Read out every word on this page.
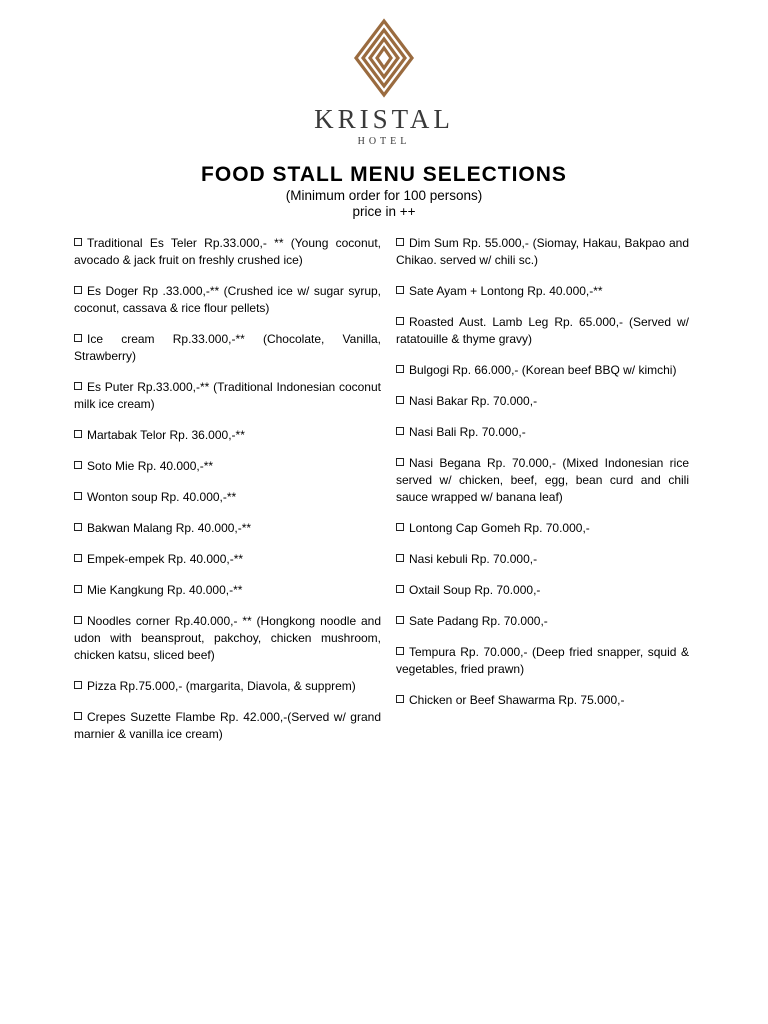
KRISTAL
HOTEL
FOOD STALL MENU SELECTIONS
(Minimum order for 100 persons)
price in ++
Traditional Es Teler Rp.33.000,- ** (Young coconut, avocado & jack fruit on freshly crushed ice)
Es Doger Rp .33.000,-** (Crushed ice w/ sugar syrup, coconut, cassava & rice flour pellets)
Ice cream Rp.33.000,-** (Chocolate, Vanilla, Strawberry)
Es Puter Rp.33.000,-** (Traditional Indonesian coconut milk ice cream)
Martabak Telor Rp. 36.000,-**
Soto Mie Rp. 40.000,-**
Wonton soup Rp. 40.000,-**
Bakwan Malang Rp. 40.000,-**
Empek-empek Rp. 40.000,-**
Mie Kangkung Rp. 40.000,-**
Noodles corner Rp.40.000,- ** (Hongkong noodle and udon with beansprout, pakchoy, chicken mushroom, chicken katsu, sliced beef)
Pizza Rp.75.000,- (margarita, Diavola, & supprem)
Crepes Suzette Flambe Rp. 42.000,-(Served w/ grand marnier & vanilla ice cream)
Dim Sum Rp. 55.000,- (Siomay, Hakau, Bakpao and Chikao. served w/ chili sc.)
Sate Ayam + Lontong Rp. 40.000,-**
Roasted Aust. Lamb Leg Rp. 65.000,- (Served w/ ratatouille & thyme gravy)
Bulgogi Rp. 66.000,- (Korean beef BBQ w/ kimchi)
Nasi Bakar Rp. 70.000,-
Nasi Bali Rp. 70.000,-
Nasi Begana Rp. 70.000,- (Mixed Indonesian rice served w/ chicken, beef, egg, bean curd and chili sauce wrapped w/ banana leaf)
Lontong Cap Gomeh Rp. 70.000,-
Nasi kebuli Rp. 70.000,-
Oxtail Soup Rp. 70.000,-
Sate Padang Rp. 70.000,-
Tempura Rp. 70.000,- (Deep fried snapper, squid & vegetables, fried prawn)
Chicken or Beef Shawarma Rp. 75.000,-
